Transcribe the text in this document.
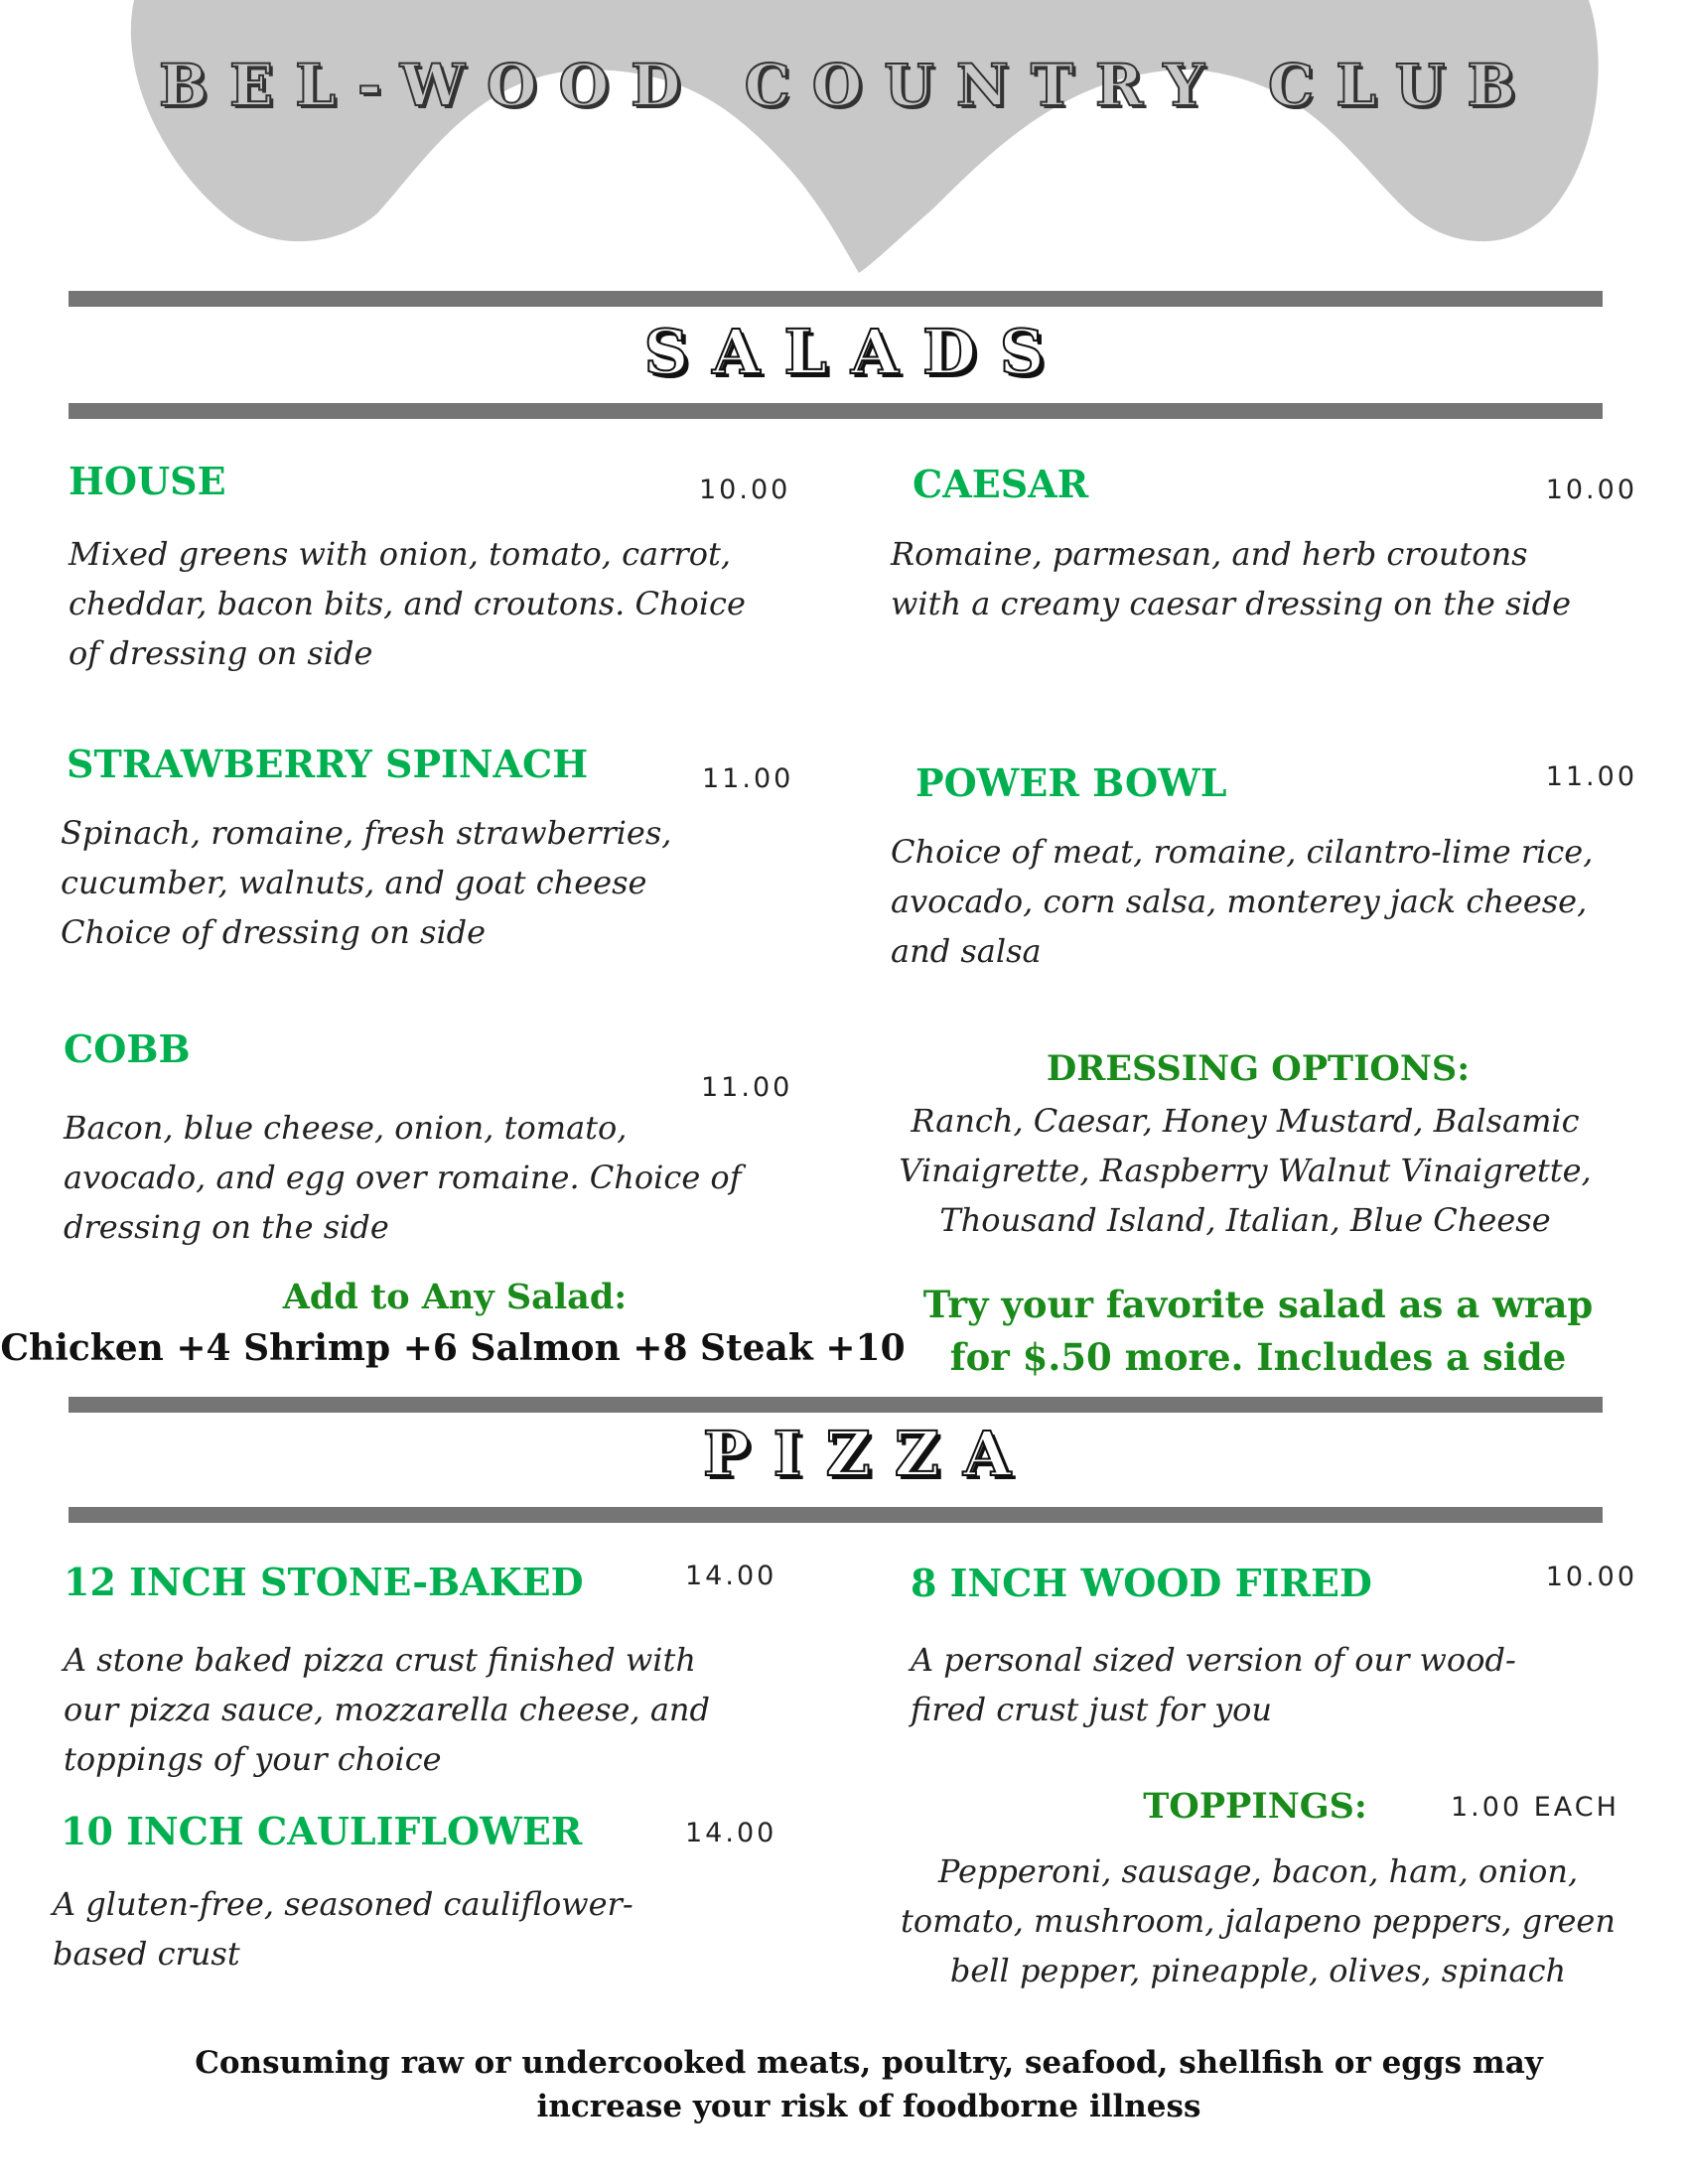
BEL-WOOD COUNTRY CLUB
SALADS
HOUSE	10.00
Mixed greens with onion, tomato, carrot,
cheddar, bacon bits, and croutons. Choice
of dressing on side
CAESAR	10.00
Romaine, parmesan, and herb croutons
with a creamy caesar dressing on the side
STRAWBERRY SPINACH	11.00
Spinach, romaine, fresh strawberries,
cucumber, walnuts, and goat cheese
Choice of dressing on side
POWER BOWL	11.00
Choice of meat, romaine, cilantro-lime rice,
avocado, corn salsa, monterey jack cheese,
and salsa
COBB
11.00
Bacon, blue cheese, onion, tomato,
avocado, and egg over romaine. Choice of
dressing on the side
DRESSING OPTIONS:
Ranch, Caesar, Honey Mustard, Balsamic
Vinaigrette, Raspberry Walnut Vinaigrette,
Thousand Island, Italian, Blue Cheese
Add to Any Salad:
Chicken +4 Shrimp +6 Salmon +8 Steak +10
Try your favorite salad as a wrap
for $.50 more. Includes a side
PIZZA
12 INCH STONE-BAKED	14.00
A stone baked pizza crust finished with
our pizza sauce, mozzarella cheese, and
toppings of your choice
8 INCH WOOD FIRED	10.00
A personal sized version of our wood-
fired crust just for you
10 INCH CAULIFLOWER	14.00
A gluten-free, seasoned cauliflower-
based crust
TOPPINGS:	1.00 EACH
Pepperoni, sausage, bacon, ham, onion,
tomato, mushroom, jalapeno peppers, green
bell pepper, pineapple, olives, spinach
Consuming raw or undercooked meats, poultry, seafood, shellfish or eggs may
increase your risk of foodborne illness
